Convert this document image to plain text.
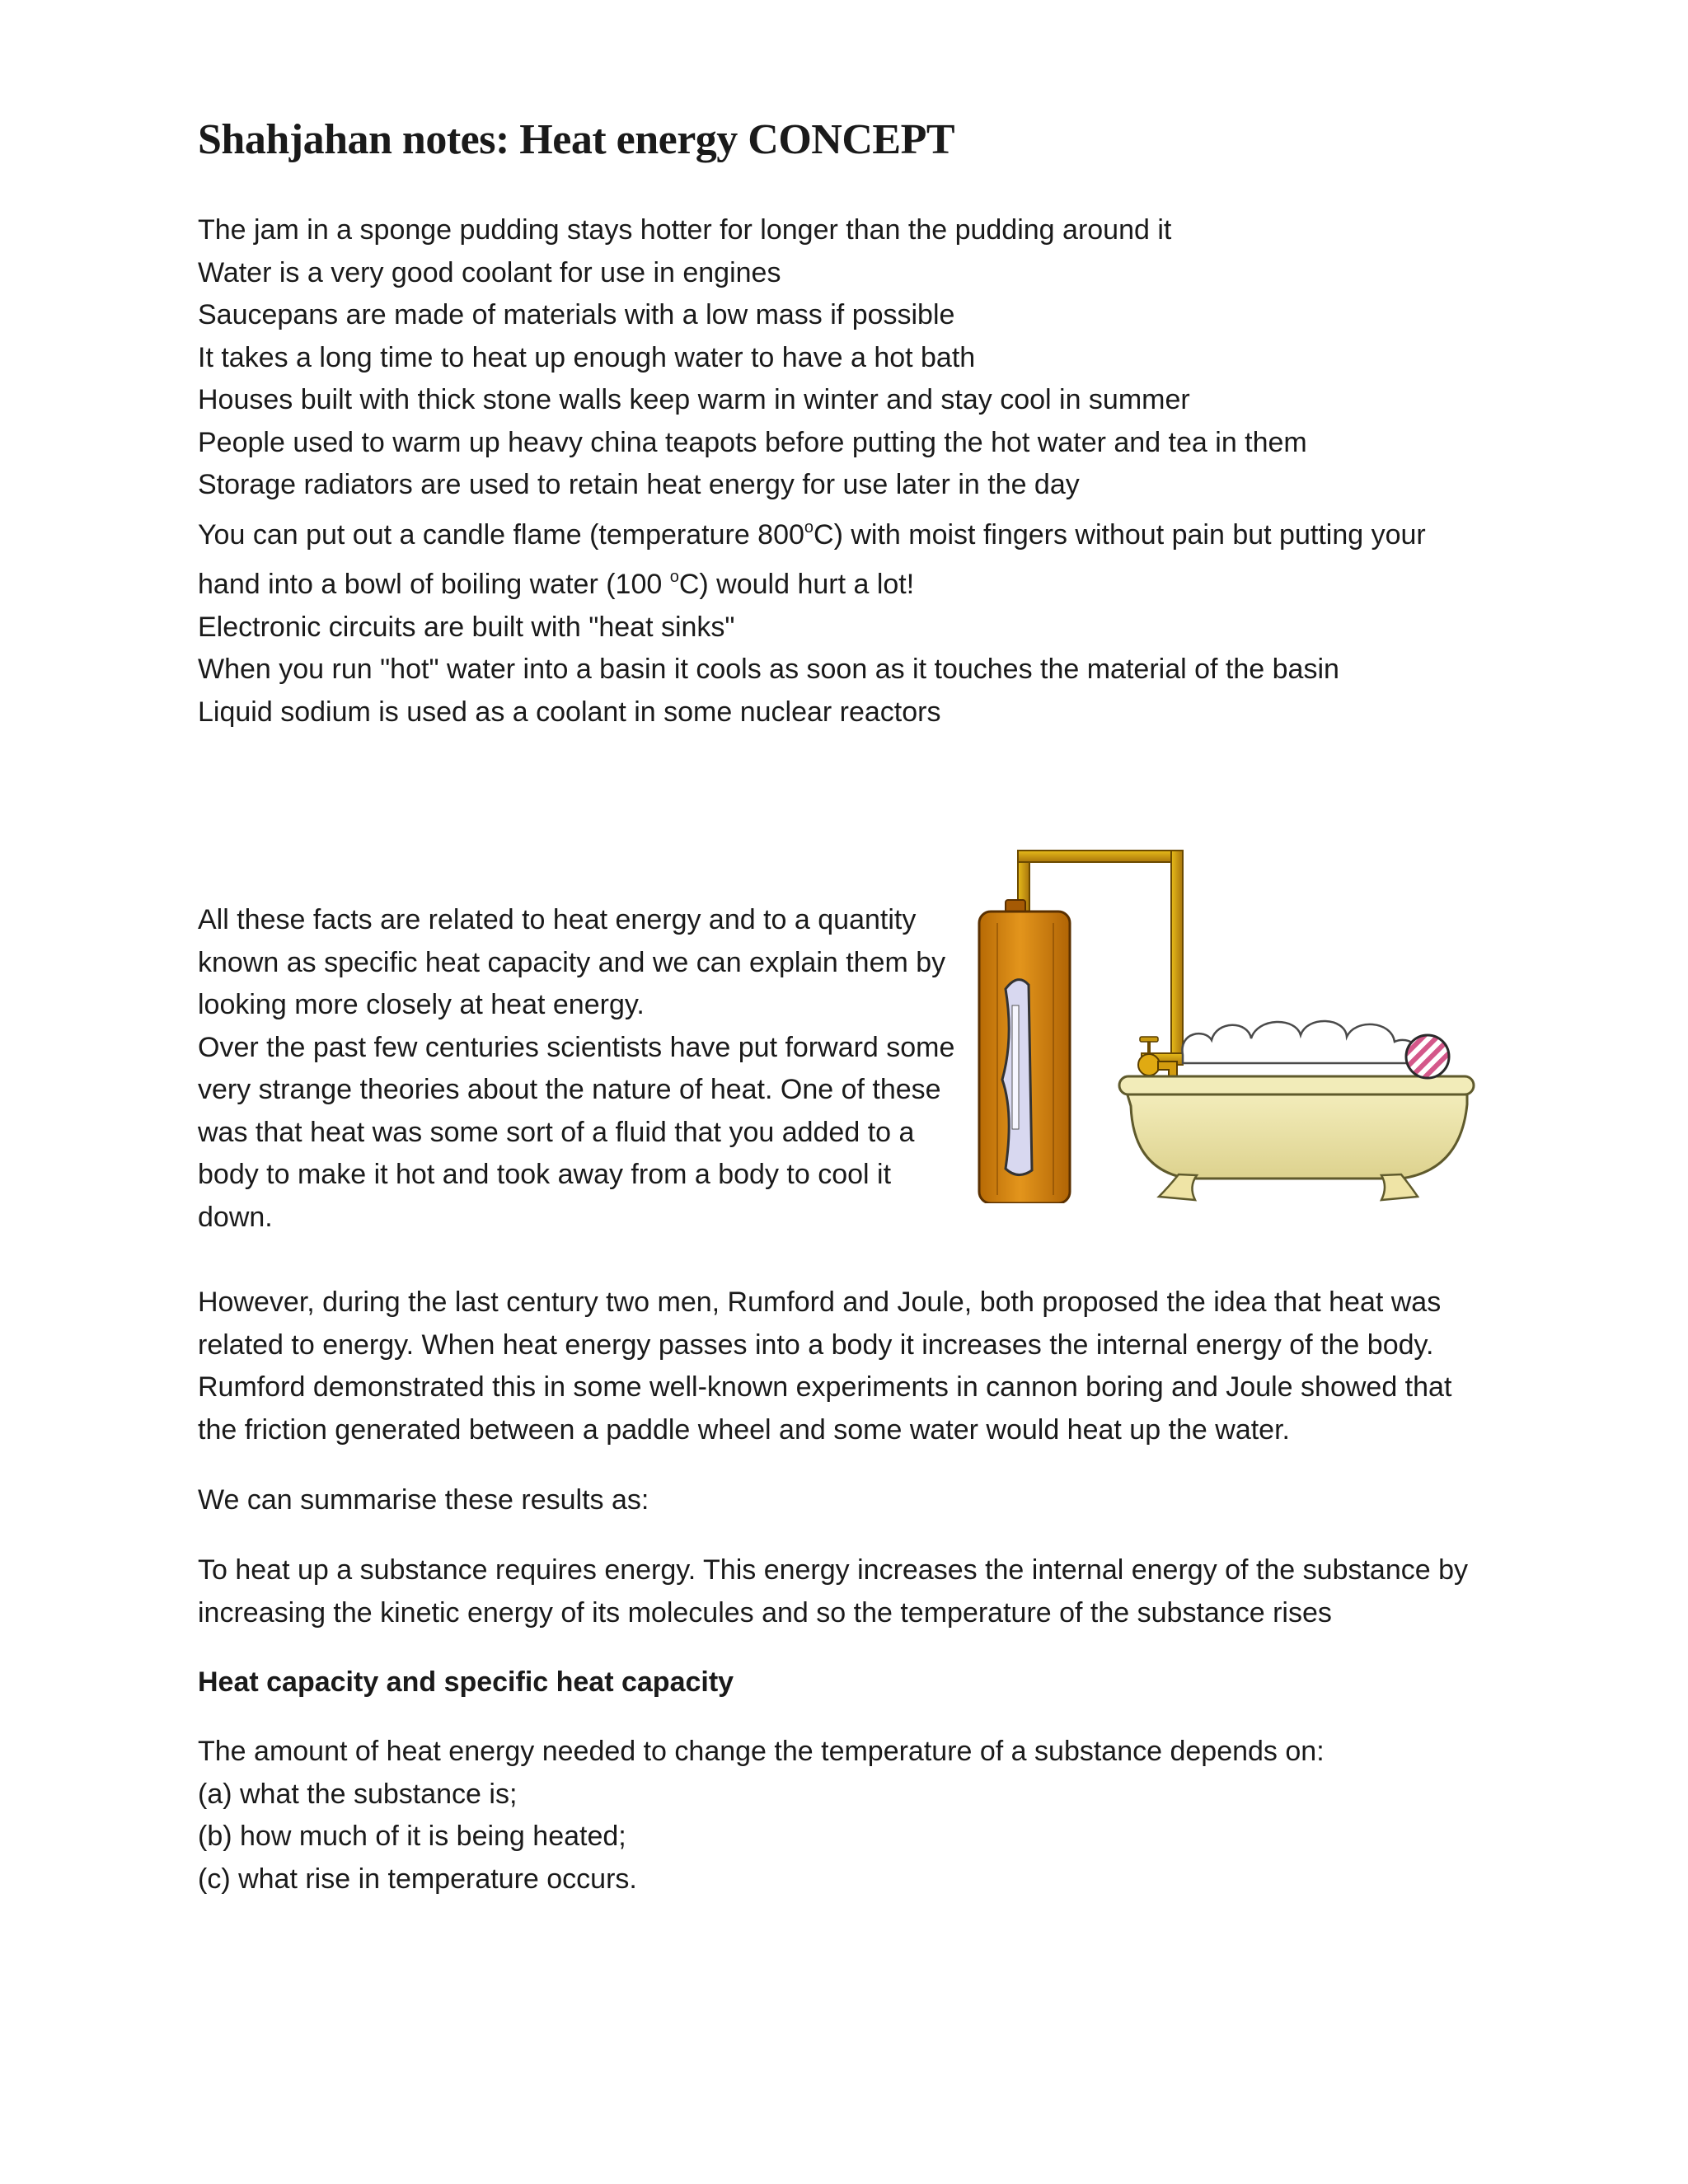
Shahjahan notes: Heat energy CONCEPT
The jam in a sponge pudding stays hotter for longer than the pudding around it
Water is a very good coolant for use in engines
Saucepans are made of materials with a low mass if possible
It takes a long time to heat up enough water to have a hot bath
Houses built with thick stone walls keep warm in winter and stay cool in summer
People used to warm up heavy china teapots before putting the hot water and tea in them
Storage radiators are used to retain heat energy for use later in the day
You can put out a candle flame (temperature 800$^o$C) with moist fingers without pain but putting your
hand into a bowl of boiling water (100 $^o$C) would hurt a lot!
Electronic circuits are built with "heat sinks"
When you run "hot" water into a basin it cools as soon as it touches the material of the basin
Liquid sodium is used as a coolant in some nuclear reactors
All these facts are related to heat energy and to a quantity
known as specific heat capacity and we can explain them by
looking more closely at heat energy.
Over the past few centuries scientists have put forward some
very strange theories about the nature of heat. One of these
was that heat was some sort of a fluid that you added to a
body to make it hot and took away from a body to cool it
down.

However, during the last century two men, Rumford and Joule, both proposed the idea that heat was related to energy. When heat energy passes into a body it increases the internal energy of the body. Rumford demonstrated this in some well-known experiments in cannon boring and Joule showed that the friction generated between a paddle wheel and some water would heat up the water.

We can summarise these results as:

To heat up a substance requires energy. This energy increases the internal energy of the substance by increasing the kinetic energy of its molecules and so the temperature of the substance rises

Heat capacity and specific heat capacity

The amount of heat energy needed to change the temperature of a substance depends on:
(a) what the substance is;
(b) how much of it is being heated;
(c) what rise in temperature occurs.
